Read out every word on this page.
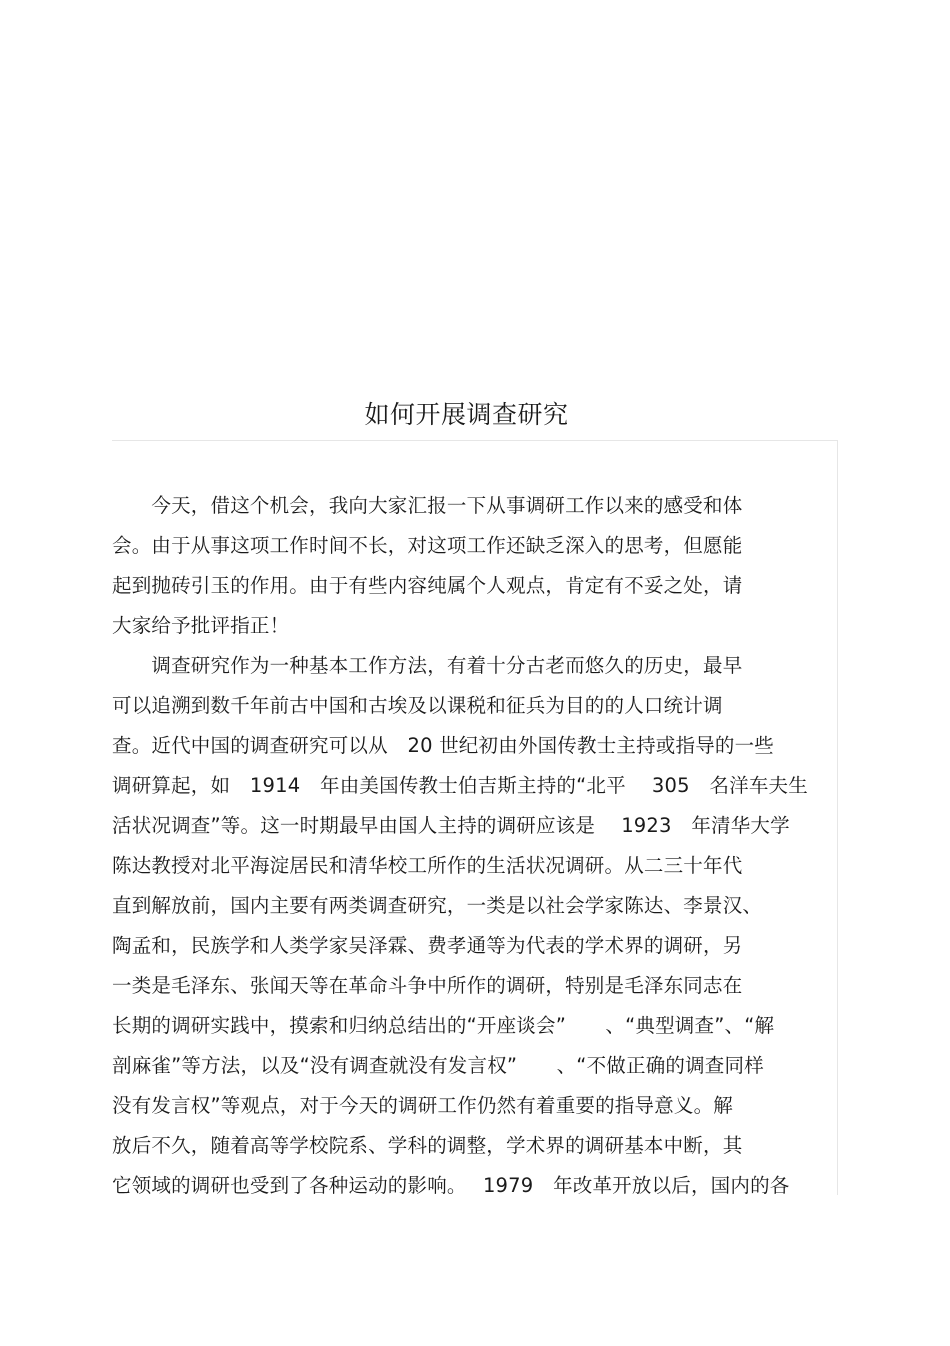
如何开展调查研究
　　今天，借这个机会，我向大家汇报一下从事调研工作以来的感受和体
会。由于从事这项工作时间不长，对这项工作还缺乏深入的思考，但愿能
起到抛砖引玉的作用。由于有些内容纯属个人观点，肯定有不妥之处，请
大家给予批评指正！
　　调查研究作为一种基本工作方法，有着十分古老而悠久的历史，最早
可以追溯到数千年前古中国和古埃及以课税和征兵为目的的人口统计调
查。近代中国的调查研究可以从　20 世纪初由外国传教士主持或指导的一些
调研算起，如　1914　年由美国传教士伯吉斯主持的“北平　 305　名洋车夫生
活状况调查”等。这一时期最早由国人主持的调研应该是　 1923　年清华大学
陈达教授对北平海淀居民和清华校工所作的生活状况调研。从二三十年代
直到解放前，国内主要有两类调查研究，一类是以社会学家陈达、李景汉、
陶孟和，民族学和人类学家吴泽霖、费孝通等为代表的学术界的调研，另
一类是毛泽东、张闻天等在革命斗争中所作的调研，特别是毛泽东同志在
长期的调研实践中，摸索和归纳总结出的“开座谈会”　　、“典型调查”、“解
剖麻雀”等方法，以及“没有调查就没有发言权”　　、“不做正确的调查同样
没有发言权”等观点，对于今天的调研工作仍然有着重要的指导意义。解
放后不久，随着高等学校院系、学科的调整，学术界的调研基本中断，其
它领域的调研也受到了各种运动的影响。　 1979　年改革开放以后，国内的各
